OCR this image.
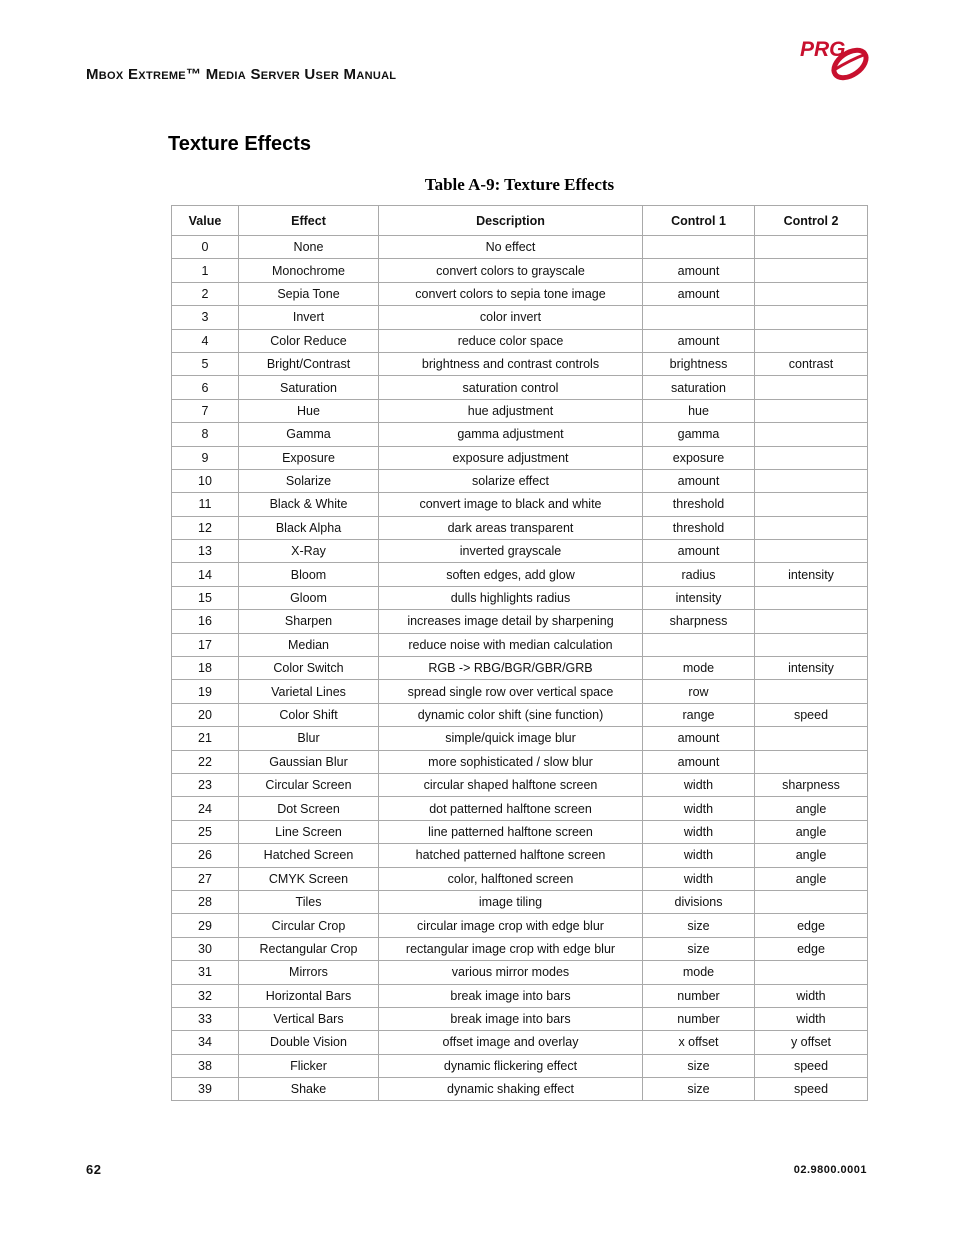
Mbox Extreme™ Media Server User Manual
PRG
Texture Effects
Table A-9: Texture Effects
Value	Effect	Description	Control 1	Control 2
0	None	No effect		
1	Monochrome	convert colors to grayscale	amount	
2	Sepia Tone	convert colors to sepia tone image	amount	
3	Invert	color invert		
4	Color Reduce	reduce color space	amount	
5	Bright/Contrast	brightness and contrast controls	brightness	contrast
6	Saturation	saturation control	saturation	
7	Hue	hue adjustment	hue	
8	Gamma	gamma adjustment	gamma	
9	Exposure	exposure adjustment	exposure	
10	Solarize	solarize effect	amount	
11	Black & White	convert image to black and white	threshold	
12	Black Alpha	dark areas transparent	threshold	
13	X-Ray	inverted grayscale	amount	
14	Bloom	soften edges, add glow	radius	intensity
15	Gloom	dulls highlights radius	intensity	
16	Sharpen	increases image detail by sharpening	sharpness	
17	Median	reduce noise with median calculation		
18	Color Switch	RGB -> RBG/BGR/GBR/GRB	mode	intensity
19	Varietal Lines	spread single row over vertical space	row	
20	Color Shift	dynamic color shift (sine function)	range	speed
21	Blur	simple/quick image blur	amount	
22	Gaussian Blur	more sophisticated / slow blur	amount	
23	Circular Screen	circular shaped halftone screen	width	sharpness
24	Dot Screen	dot patterned halftone screen	width	angle
25	Line Screen	line patterned halftone screen	width	angle
26	Hatched Screen	hatched patterned halftone screen	width	angle
27	CMYK Screen	color, halftoned screen	width	angle
28	Tiles	image tiling	divisions	
29	Circular Crop	circular image crop with edge blur	size	edge
30	Rectangular Crop	rectangular image crop with edge blur	size	edge
31	Mirrors	various mirror modes	mode	
32	Horizontal Bars	break image into bars	number	width
33	Vertical Bars	break image into bars	number	width
34	Double Vision	offset image and overlay	x offset	y offset
38	Flicker	dynamic flickering effect	size	speed
39	Shake	dynamic shaking effect	size	speed
62	02.9800.0001
